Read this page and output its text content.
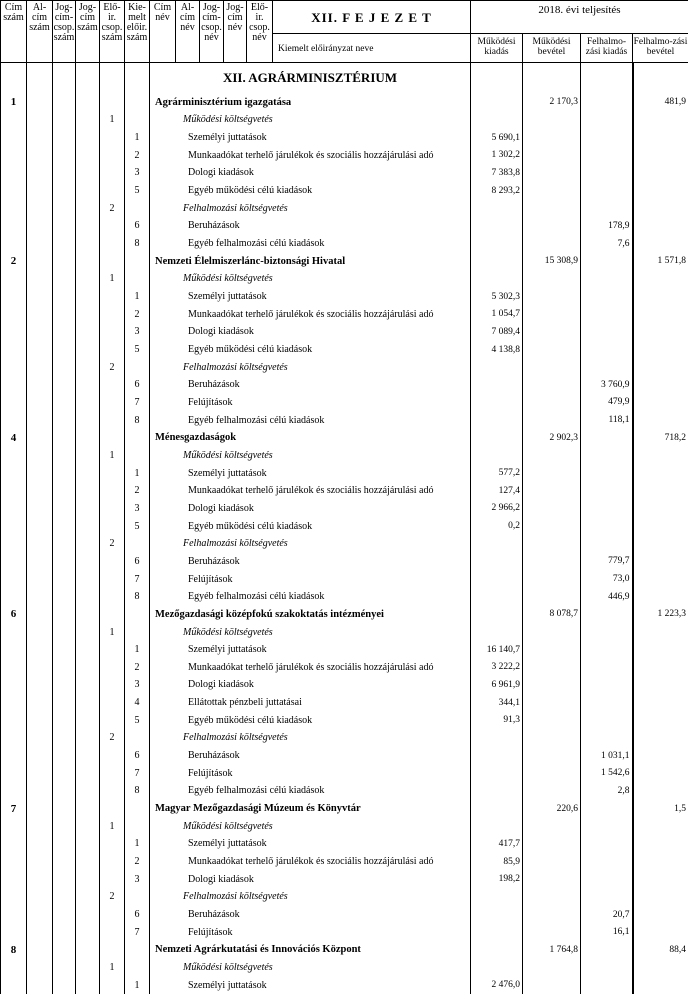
Cím szám	Al-cím szám	Jog-cím-csop. szám	Jog-cím szám	Elő-ir. csop. szám	Kie-melt előir. szám	Cím név	Al-cím név	Jog-cím-csop. név	Jog-cím név	Elő-ir. csop. név	XII. F E J E Z E T	2018. évi teljesítés			
											Kiemelt előirányzat neve	Működési kiadás	Működési bevétel	Felhalmo-zási kiadás	Felhalmo-zási bevétel
						XII. AGRÁRMINISZTÉRIUM									
1						Agrárminisztérium igazgatása							2 170,3		481,9
				1		Működési költségvetés									
					1	Személyi juttatások						5 690,1			
					2	Munkaadókat terhelő járulékok és szociális hozzájárulási adó						1 302,2			
					3	Dologi kiadások						7 383,8			
					5	Egyéb működési célú kiadások						8 293,2			
				2		Felhalmozási költségvetés									
					6	Beruházások								178,9	
					8	Egyéb felhalmozási célú kiadások								7,6	
2						Nemzeti Élelmiszerlánc-biztonsági Hivatal							15 308,9		1 571,8
				1		Működési költségvetés									
					1	Személyi juttatások						5 302,3			
					2	Munkaadókat terhelő járulékok és szociális hozzájárulási adó						1 054,7			
					3	Dologi kiadások						7 089,4			
					5	Egyéb működési célú kiadások						4 138,8			
				2		Felhalmozási költségvetés									
					6	Beruházások								3 760,9	
					7	Felújítások								479,9	
					8	Egyéb felhalmozási célú kiadások								118,1	
4						Ménesgazdaságok							2 902,3		718,2
				1		Működési költségvetés									
					1	Személyi juttatások						577,2			
					2	Munkaadókat terhelő járulékok és szociális hozzájárulási adó						127,4			
					3	Dologi kiadások						2 966,2			
					5	Egyéb működési célú kiadások						0,2			
				2		Felhalmozási költségvetés									
					6	Beruházások								779,7	
					7	Felújítások								73,0	
					8	Egyéb felhalmozási célú kiadások								446,9	
6						Mezőgazdasági középfokú szakoktatás intézményei							8 078,7		1 223,3
				1		Működési költségvetés									
					1	Személyi juttatások						16 140,7			
					2	Munkaadókat terhelő járulékok és szociális hozzájárulási adó						3 222,2			
					3	Dologi kiadások						6 961,9			
					4	Ellátottak pénzbeli juttatásai						344,1			
					5	Egyéb működési célú kiadások						91,3			
				2		Felhalmozási költségvetés									
					6	Beruházások								1 031,1	
					7	Felújítások								1 542,6	
					8	Egyéb felhalmozási célú kiadások								2,8	
7						Magyar Mezőgazdasági Múzeum és Könyvtár							220,6		1,5
				1		Működési költségvetés									
					1	Személyi juttatások						417,7			
					2	Munkaadókat terhelő járulékok és szociális hozzájárulási adó						85,9			
					3	Dologi kiadások						198,2			
				2		Felhalmozási költségvetés									
					6	Beruházások								20,7	
					7	Felújítások								16,1	
8						Nemzeti Agrárkutatási és Innovációs Központ							1 764,8		88,4
				1		Működési költségvetés									
					1	Személyi juttatások						2 476,0			
